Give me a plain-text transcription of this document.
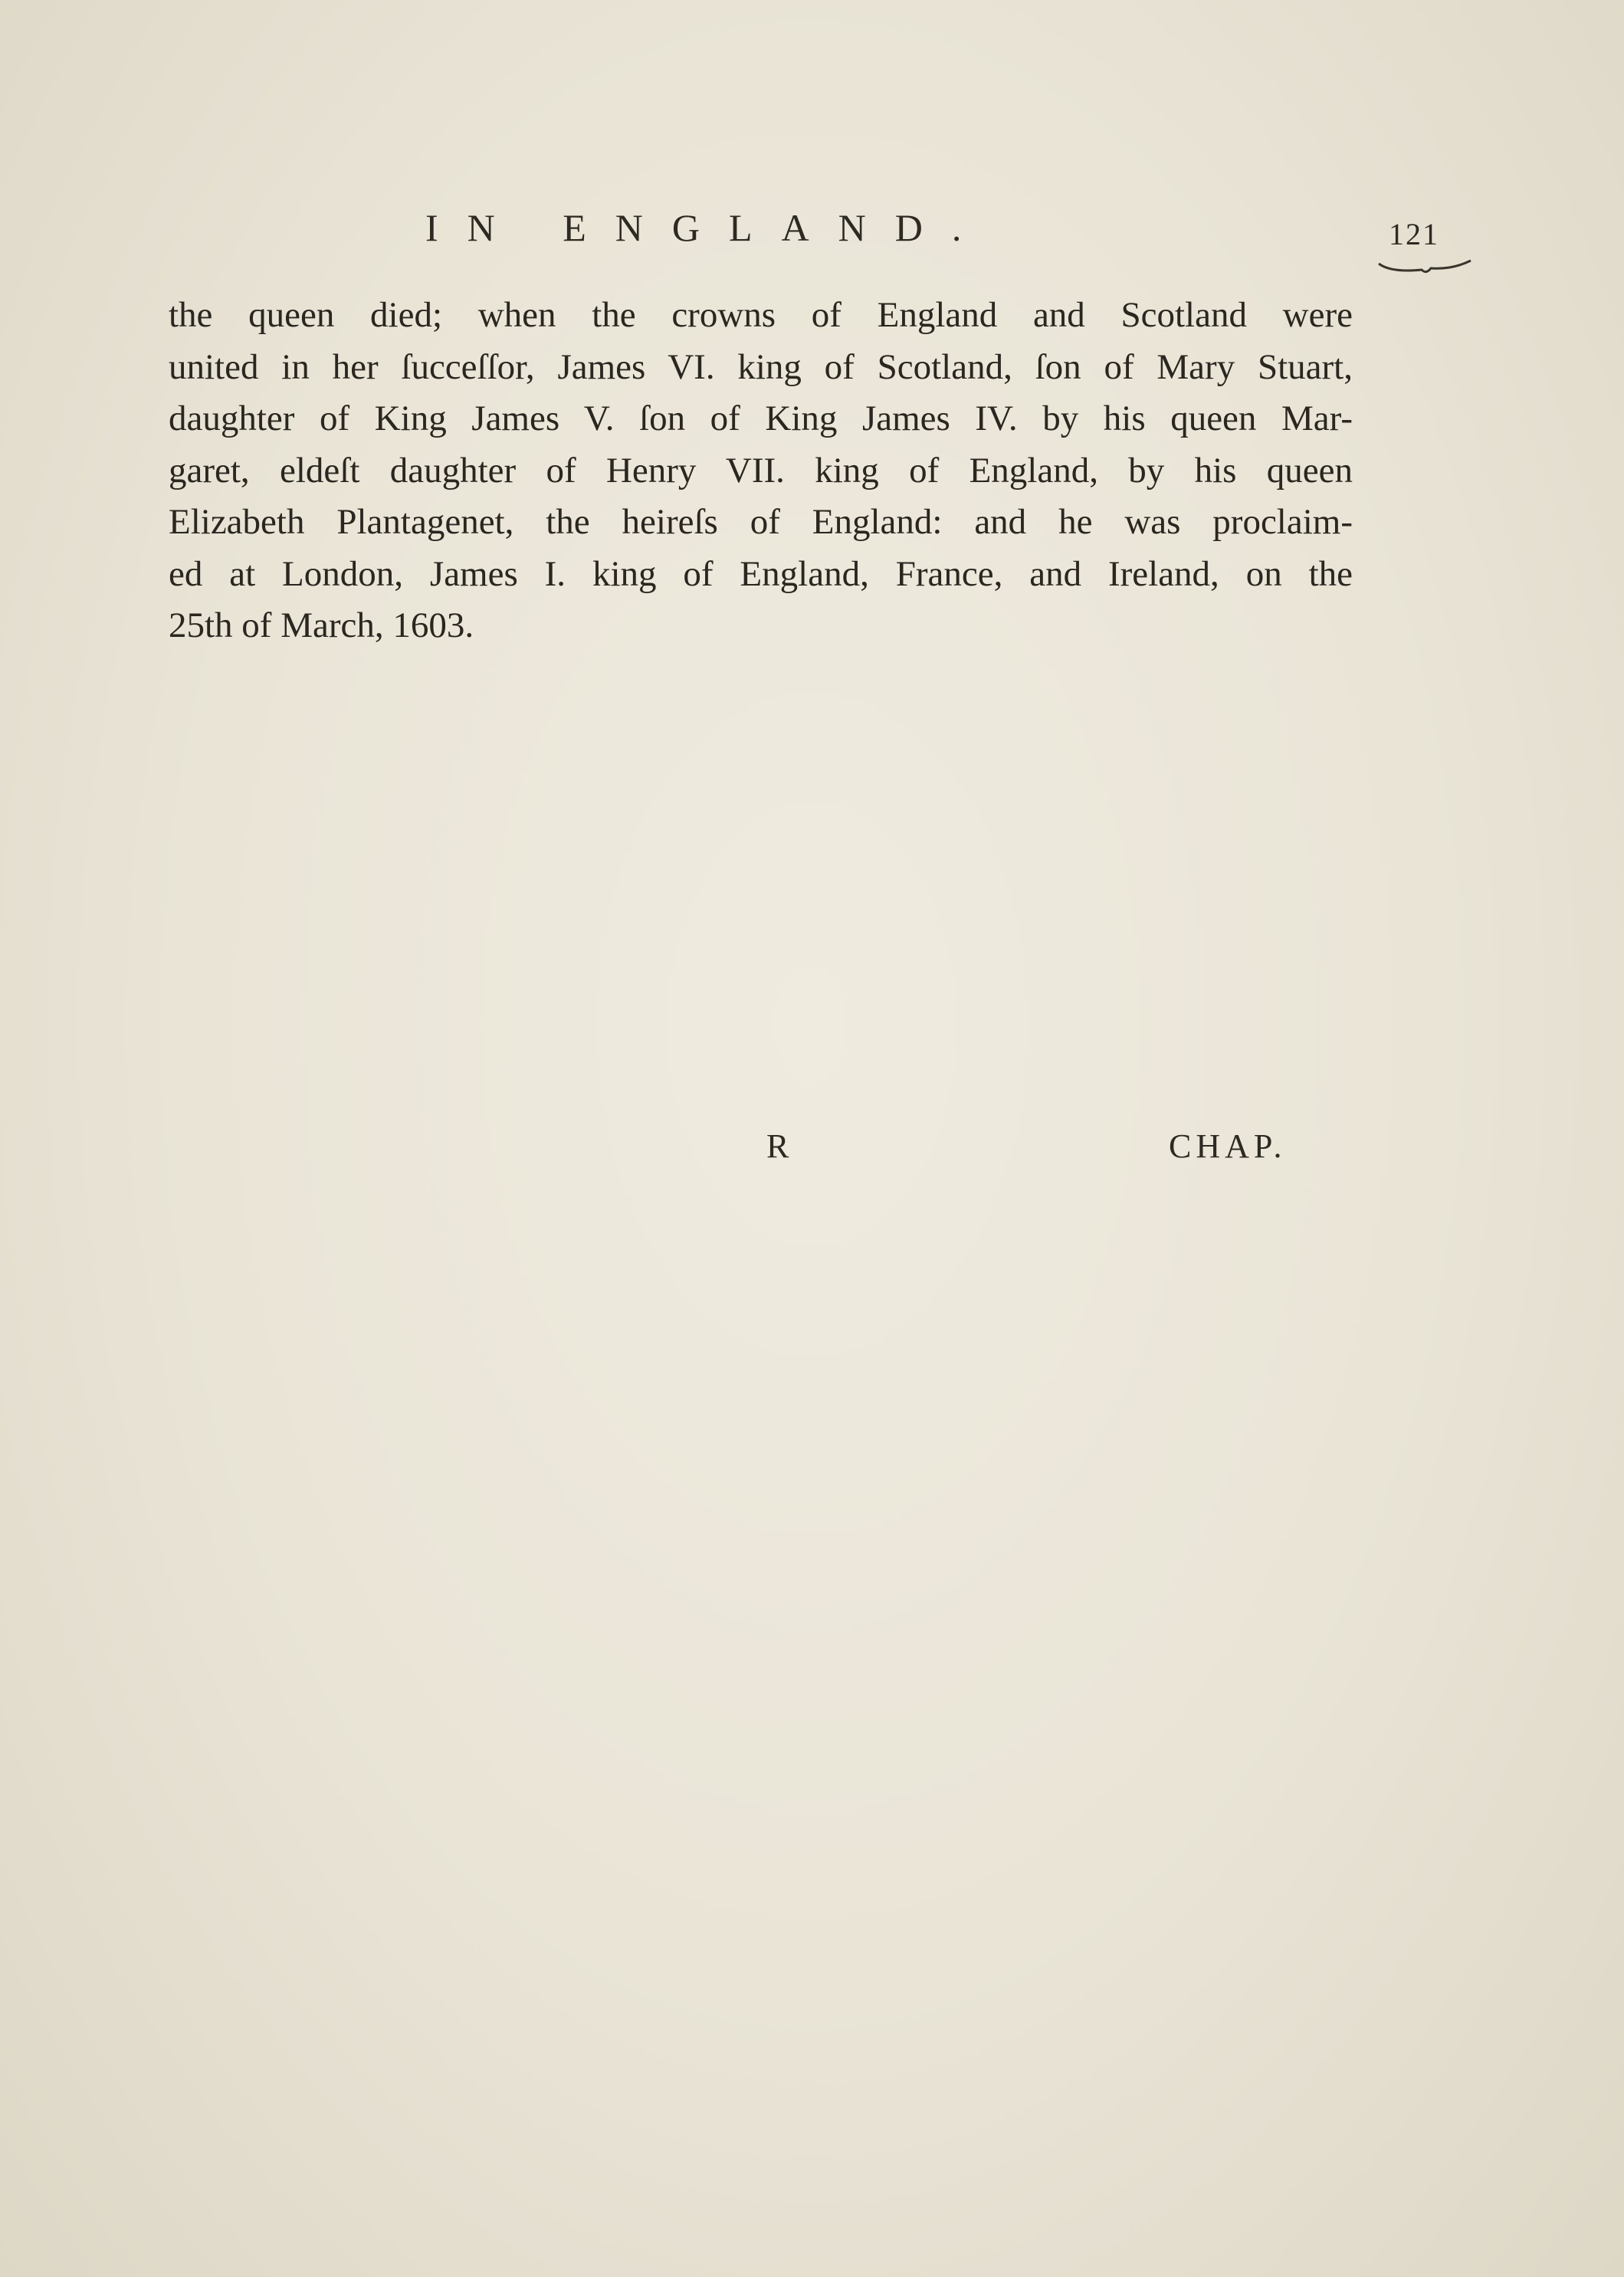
IN ENGLAND.	121
the queen died; when the crowns of England and Scotland were
united in her ſucceſſor, James VI. king of Scotland, ſon of Mary Stuart,
daughter of King James V. ſon of King James IV. by his queen Mar-
garet, eldeſt daughter of Henry VII. king of England, by his queen
Elizabeth Plantagenet, the heireſs of England: and he was proclaim-
ed at London, James I. king of England, France, and Ireland, on the
25th of March, 1603.
R	CHAP.
